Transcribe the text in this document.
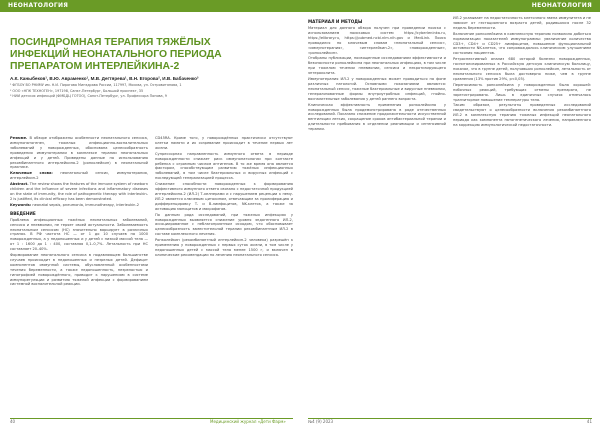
НЕОНАТОЛОГИЯ	НЕОНАТОЛОГИЯ
ПОСИНДРОМНАЯ ТЕРАПИЯ ТЯЖЁЛЫХ ИНФЕКЦИЙ НЕОНАТАЛЬНОГО ПЕРИОДА ПРЕПАРАТОМ ИНТЕРЛЕЙКИНА-2
А.К. Каныбеков¹, В.Ю. Авраменко¹, М.В. Дегтярева¹, В.Н. Егорова², И.В. Бабаченко³
¹ ФГБОУ ВО РНИМУ им. Н.И. Пирогова Минздрава России, 117997, Москва, ул. Островитянова, 1
² ООО «НПК ТЕХНОГЕН», 197198, Санкт-Петербург, Большой проспект, 35
³ НИИ детских инфекций (ФМБДЦ ГОТОО), Санкт-Петербург, ул. Профессора Попова, 9

Резюме. В обзоре отображены особенности неонатального сепсиса, иммунопатогенез, тяжелых инфекционно-воспалительных заболеваний у новорожденных, обоснована целесообразность проведения иммунотерапии в комплексе терапии неонатальных инфекций и у детей. Приведены данные по использованию рекомбинантного интерлейкина-2 (ронколейкин) в неонатальной практике.

Ключевые слова: неонатальный сепсис, иммунотерапия, интерлейкин-2

Abstract. The review shows the features of the immune system of newborn children and the influence of severe infections and inflammatory diseases on the state of immunity, the role of pathogenetic therapy with interleukin-2 is justified, its clinical efficacy has been demonstrated.

Keywords: neonatal sepsis, pneumonia, immunotherapy, interleukin-2

ВВЕДЕНИЕ

Проблема инфекционных тяжёлых неонатальных заболеваний, сепсиса и пневмонии, не теряет своей актуальности. Заболеваемость неонатальным сепсисом (НС) значительно варьирует в различных странах. В РФ частота НС — от 1 до 10 случаев на 1000 новорожденных, а у недоношенных и у детей с низкой массой тела — от 1 : 1600 до 1 : 400, составляя 0,1–0,7%. Летальность при НС составляет 20–40%.

Формирование неонатального сепсиса в подавляющем большинстве случаев происходит в недоношенных и незрелых детей. Дефицит компонентов иммунной системы, обусловленный особенностями течения беременности, а также недоношенность, незрелостью и гипотрофией новорождённого, приводит к нарушениям в системе иммунорегуляции и развитию тяжелой инфекции с формированием системной воспалительной реакции.

CD45RA. Кроме того, у новорождённых практически отсутствуют клетки памяти и их созревание происходит в течение первых лет жизни.

Супрессорная направленность иммунного ответа в периоде новорожденности снижает риск иммунопатологии при контакте ребенка с огромным числом антигенов. В то же время она является фактором, способствующим развитию тяжёлых инфекционных заболеваний, в том числе бактериальных и вирусных инфекций с последующей генерализацией процесса.

Снижение способности новорожденных к формированию эффективного иммунного ответа связано с недостаточной продукцией интерлейкина-2 (ИЛ-2) Т-хелперами и с нарушением рецепции к нему. ИЛ-2 является ключевым цитокином, отвечающим за пролиферацию и дифференцировку T- и B-лимфоцитов, NK-клеток, а также за активацию моноцитов и макрофагов.

По данным ряда исследований, при тяжелых инфекциях у новорожденных выявляется снижение уровня эндогенного ИЛ-2, ассоциированное с неблагоприятным исходом, что обосновывает целесообразность заместительной терапии рекомбинантным ИЛ-2 в составе комплексного лечения.

Ронколейкин (рекомбинантный интерлейкин-2 человека) разрешён к применению у новорожденных с первых суток жизни, в том числе у недоношенных детей с массой тела менее 1500 г, и включен в клинические рекомендации по лечению неонатального сепсиса.

МАТЕРИАЛ И МЕТОДЫ

Материал для данного обзора получен при проведении поиска с использованием поисковых систем https://cyberleninka.ru, https://elibrary.ru, https://pubmed.ncbi.nlm.nih.gov и MedLink. Поиск проводился по ключевым словам «неонатальный сепсис», «иммунотерапия», «интерлейкин-2», «новорожденные», «ронколейкин».

Отобраны публикации, посвященные исследованиям эффективности и безопасности ронколейкина при неонатальных инфекциях, в том числе при тяжелом течении пневмонии, сепсиса и некротизирующего энтероколита.

Иммунотерапия ИЛ-2 у новорожденных может проводиться на фоне различных патологий. Основными показаниями являются: неонатальный сепсис, тяжелые бактериальные и вирусные пневмонии, генерализованные формы внутриутробных инфекций, гнойно-воспалительные заболевания у детей раннего возраста.

Клиническая эффективность применения ронколейкина у новорожденных была продемонстрирована в ряде отечественных исследований. Показано снижение продолжительности искусственной вентиляции легких, сокращение сроков антибактериальной терапии и длительности пребывания в отделении реанимации и интенсивной терапии.

ИЛ-2 указывает на недостаточность клеточного звена иммунитета и не зависит от гестационного возраста детей, родившихся после 32 недель беременности.

Включение ронколейкина в комплексную терапию позволило добиться нормализации показателей иммунограммы: увеличение количества CD3+, CD4+ и CD25+ лимфоцитов, повышение функциональной активности NK-клеток, что сопровождалось клиническим улучшением состояния пациентов.

Ретроспективный анализ 680 историй болезни новорожденных, госпитализированных в Российскую детскую клиническую больницу, показал, что в группе детей, получавших ронколейкин, летальность от неонатального сепсиса была достоверно ниже, чем в группе сравнения (13% против 29%, p<0,05).

Переносимость ронколейкина у новорожденных была хорошей: побочных реакций, требующих отмены препарата, не зарегистрировано. Лишь в единичных случаях отмечалось транзиторное повышение температуры тела.

Таким образом, результаты проведенных исследований свидетельствуют о целесообразности включения рекомбинантного ИЛ-2 в комплексную терапию тяжелых инфекций неонатального периода как компонента патогенетического лечения, направленного на коррекцию иммунологической недостаточности.

40	Медицинский журнал «Дети Фарм»	№4 (9) 2023	41
